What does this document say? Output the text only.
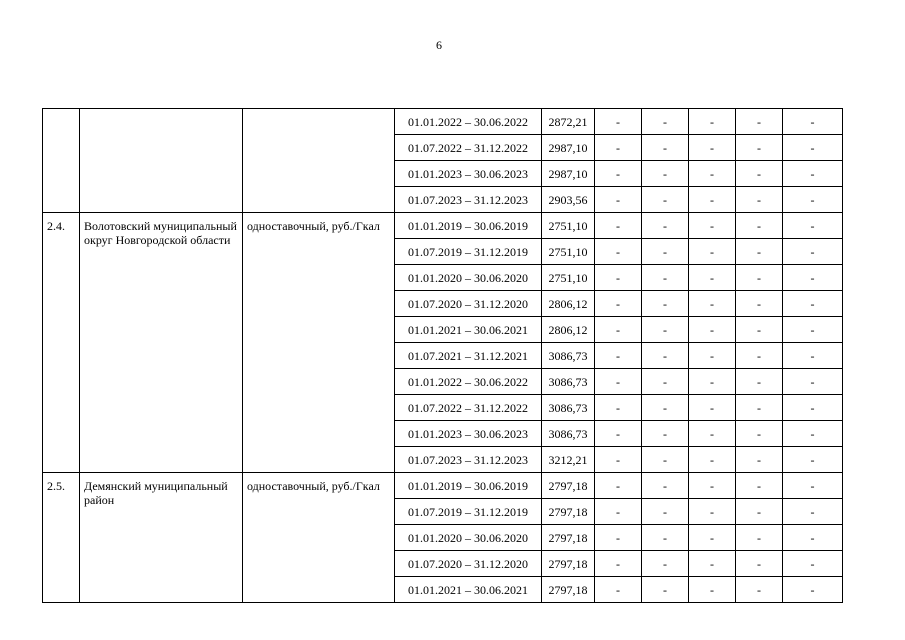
6
			01.01.2022 – 30.06.2022	2872,21	-	-	-	-	-
			01.07.2022 – 31.12.2022	2987,10	-	-	-	-	-
			01.01.2023 – 30.06.2023	2987,10	-	-	-	-	-
			01.07.2023 – 31.12.2023	2903,56	-	-	-	-	-
2.4.	Волотовский муниципальный округ Новгородской области	одноставочный, руб./Гкал	01.01.2019 – 30.06.2019	2751,10	-	-	-	-	-
			01.07.2019 – 31.12.2019	2751,10	-	-	-	-	-
			01.01.2020 – 30.06.2020	2751,10	-	-	-	-	-
			01.07.2020 – 31.12.2020	2806,12	-	-	-	-	-
			01.01.2021 – 30.06.2021	2806,12	-	-	-	-	-
			01.07.2021 – 31.12.2021	3086,73	-	-	-	-	-
			01.01.2022 – 30.06.2022	3086,73	-	-	-	-	-
			01.07.2022 – 31.12.2022	3086,73	-	-	-	-	-
			01.01.2023 – 30.06.2023	3086,73	-	-	-	-	-
			01.07.2023 – 31.12.2023	3212,21	-	-	-	-	-
2.5.	Демянский муниципальный район	одноставочный, руб./Гкал	01.01.2019 – 30.06.2019	2797,18	-	-	-	-	-
			01.07.2019 – 31.12.2019	2797,18	-	-	-	-	-
			01.01.2020 – 30.06.2020	2797,18	-	-	-	-	-
			01.07.2020 – 31.12.2020	2797,18	-	-	-	-	-
			01.01.2021 – 30.06.2021	2797,18	-	-	-	-	-
